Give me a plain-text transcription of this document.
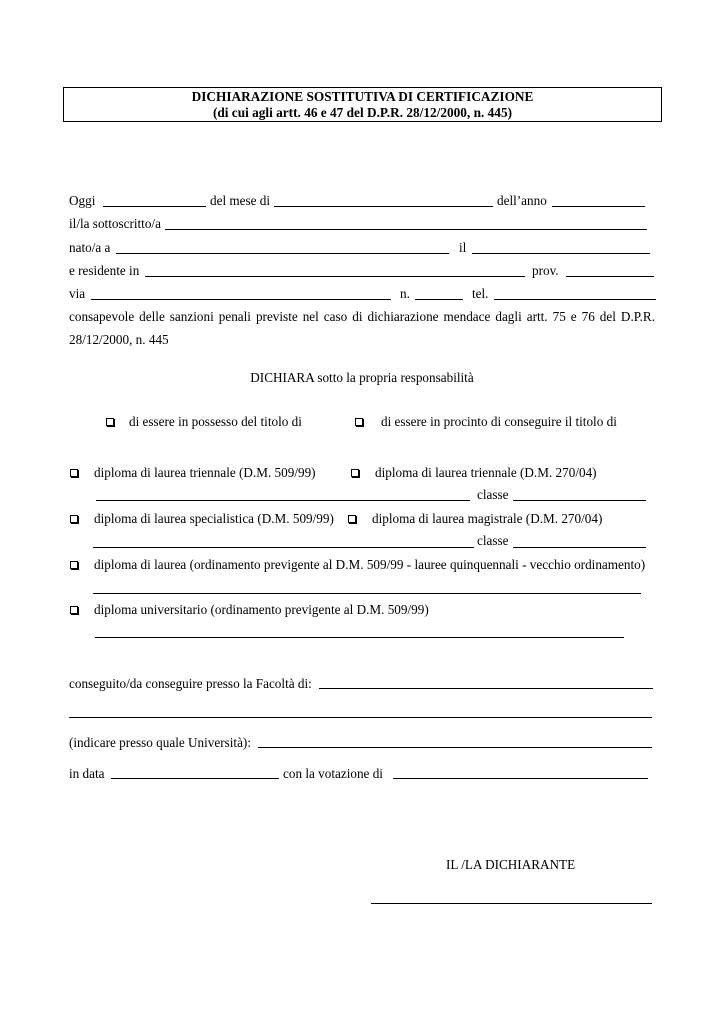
DICHIARAZIONE SOSTITUTIVA DI CERTIFICAZIONE
(di cui agli artt. 46 e 47 del D.P.R. 28/12/2000, n. 445)
Oggi	del mese di	dell’anno
il/la sottoscritto/a
nato/a a	il
e residente in	prov.
via	n.	tel.
consapevole delle sanzioni penali previste nel caso di dichiarazione mendace dagli artt. 75 e 76 del D.P.R.
28/12/2000, n. 445
DICHIARA sotto la propria responsabilità
di essere in possesso del titolo di	di essere in procinto di conseguire il titolo di
diploma di laurea triennale (D.M. 509/99)	diploma di laurea triennale (D.M. 270/04)
classe
diploma di laurea specialistica (D.M. 509/99)	diploma di laurea magistrale (D.M. 270/04)
classe
diploma di laurea (ordinamento previgente al D.M. 509/99 - lauree quinquennali - vecchio ordinamento)
diploma universitario (ordinamento previgente al D.M. 509/99)
conseguito/da conseguire presso la Facoltà di:
(indicare presso quale Università):
in data	con la votazione di
IL /LA DICHIARANTE
